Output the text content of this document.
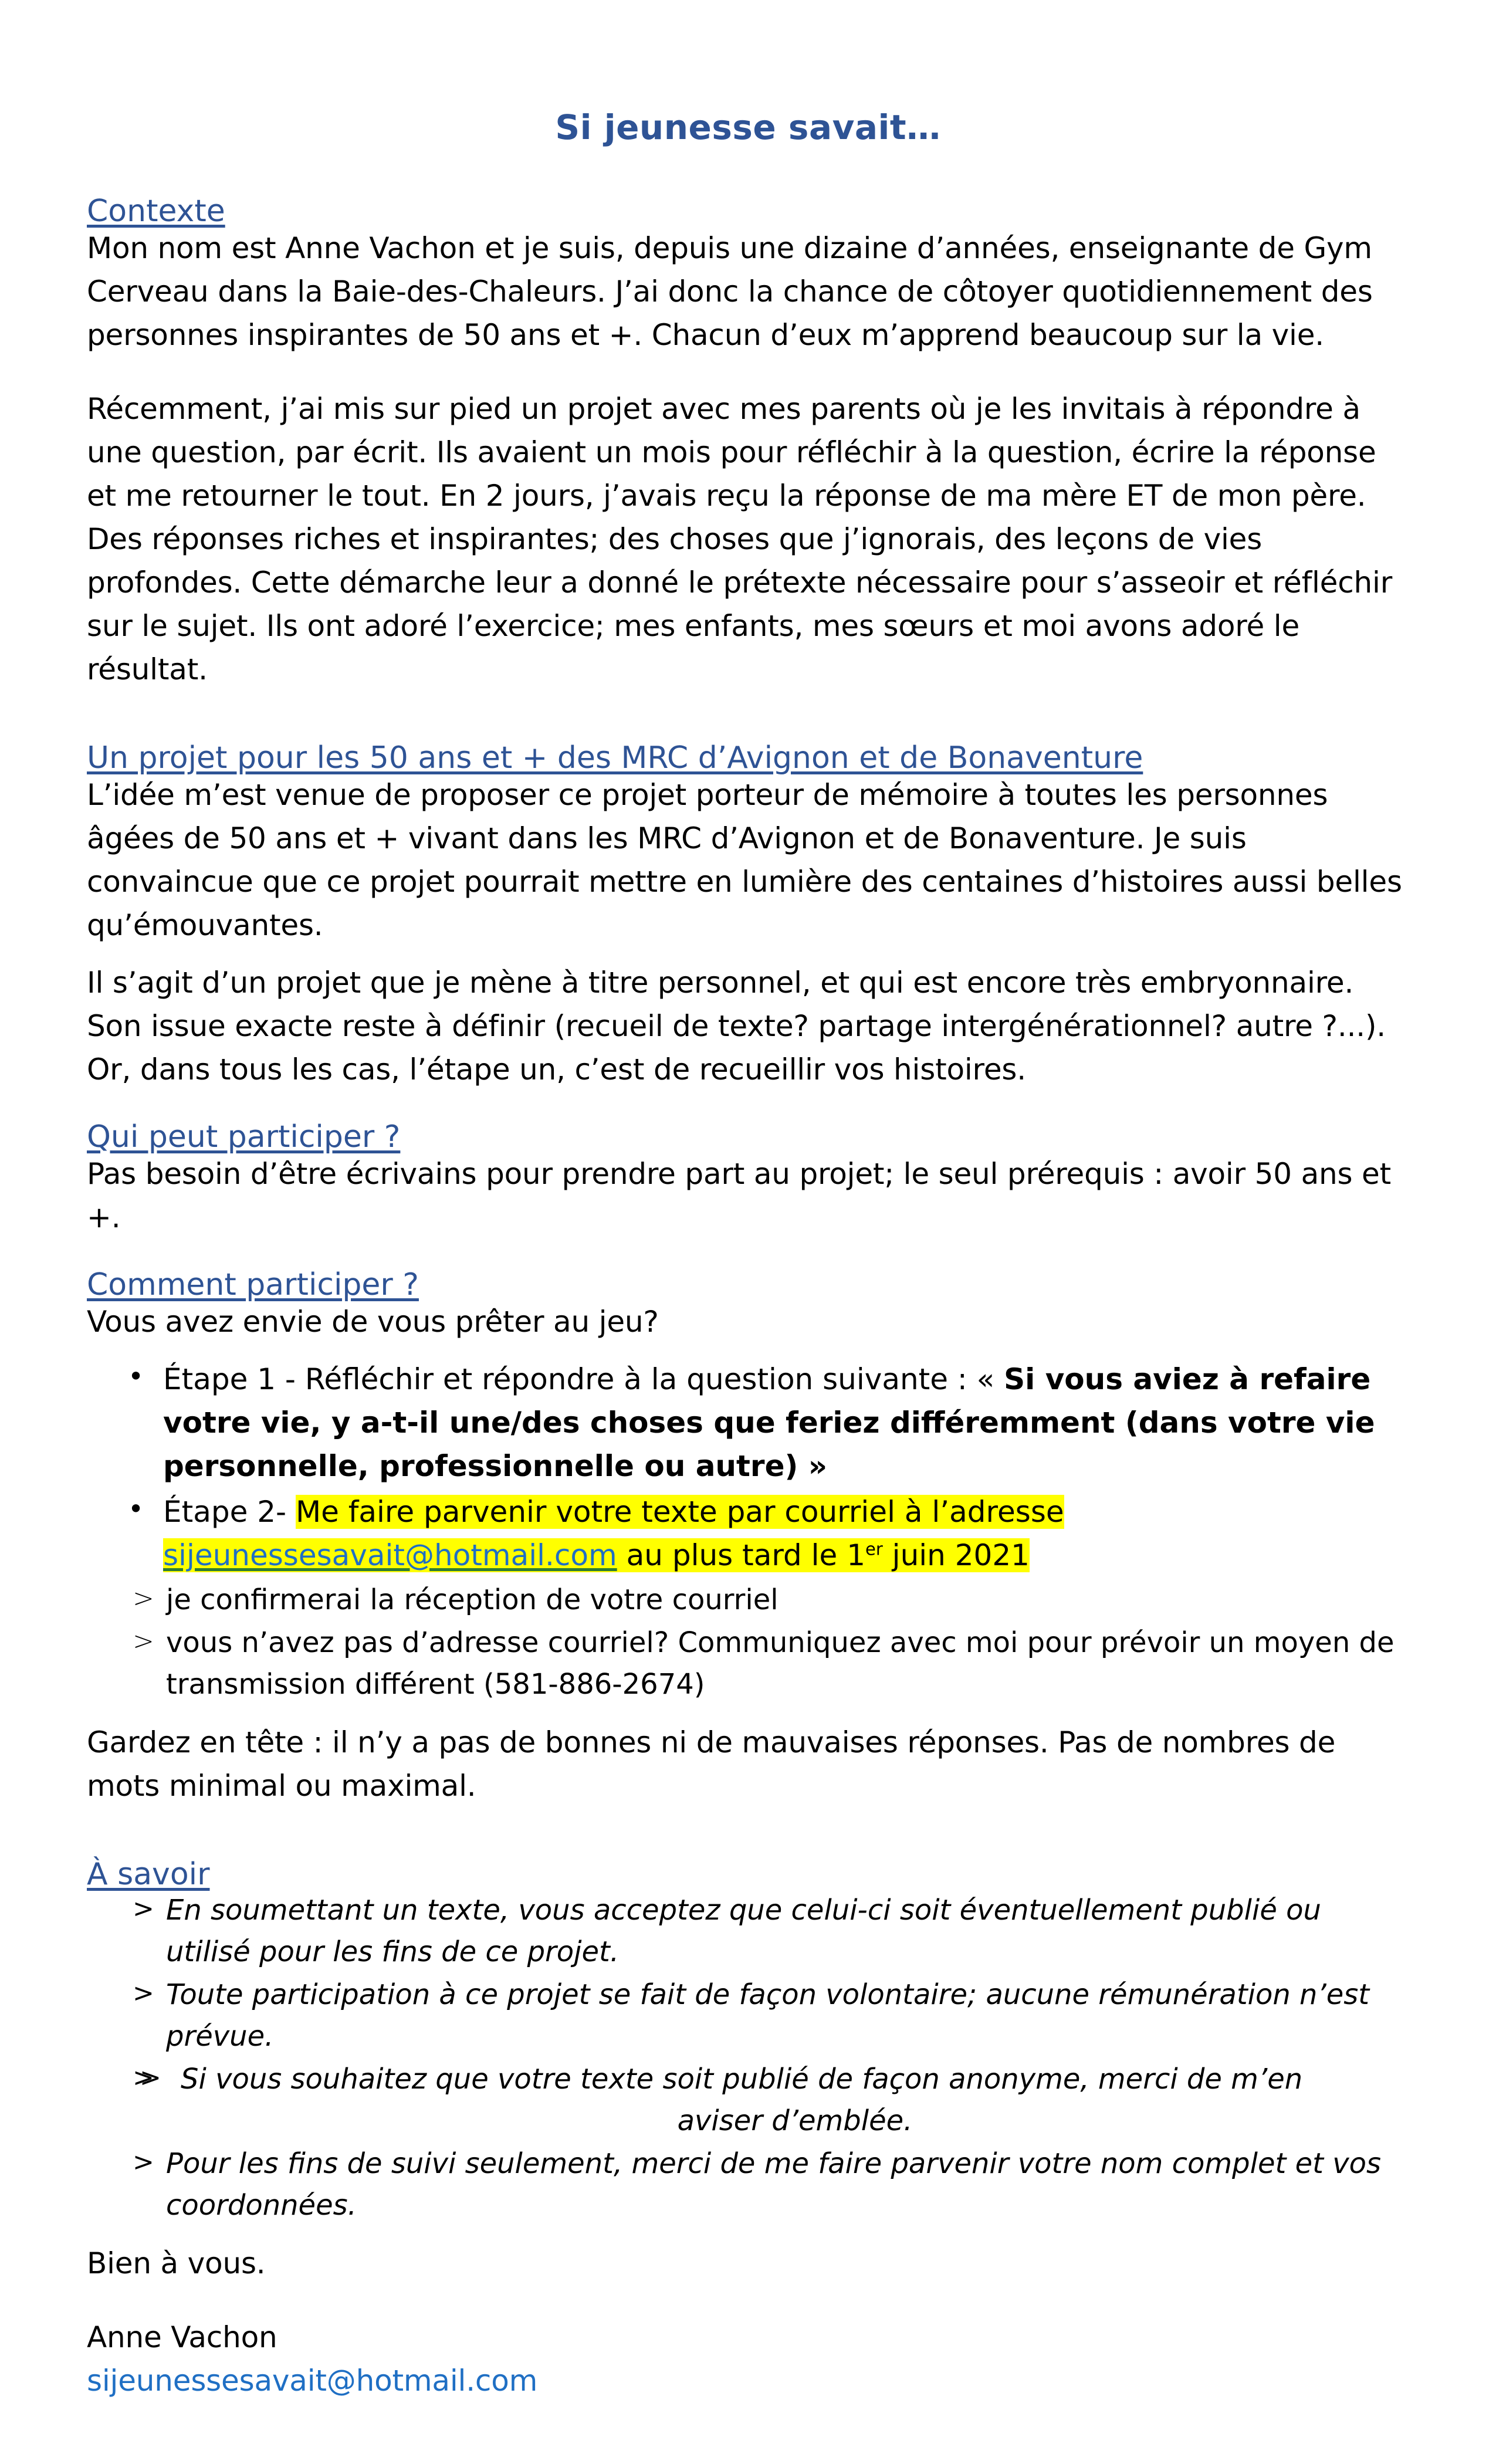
Si jeunesse savait…
Contexte
Mon nom est Anne Vachon et je suis, depuis une dizaine d’années, enseignante de Gym Cerveau dans la Baie-des-Chaleurs. J’ai donc la chance de côtoyer quotidiennement des personnes inspirantes de 50 ans et +. Chacun d’eux m’apprend beaucoup sur la vie.
Récemment, j’ai mis sur pied un projet avec mes parents où je les invitais à répondre à une question, par écrit. Ils avaient un mois pour réfléchir à la question, écrire la réponse et me retourner le tout. En 2 jours, j’avais reçu la réponse de ma mère ET de mon père. Des réponses riches et inspirantes; des choses que j’ignorais, des leçons de vies profondes. Cette démarche leur a donné le prétexte nécessaire pour s’asseoir et réfléchir sur le sujet. Ils ont adoré l’exercice; mes enfants, mes sœurs et moi avons adoré le résultat.
Un projet pour les 50 ans et + des MRC d’Avignon et de Bonaventure
L’idée m’est venue de proposer ce projet porteur de mémoire à toutes les personnes âgées de 50 ans et + vivant dans les MRC d’Avignon et de Bonaventure. Je suis convaincue que ce projet pourrait mettre en lumière des centaines d’histoires aussi belles qu’émouvantes.
Il s’agit d’un projet que je mène à titre personnel, et qui est encore très embryonnaire. Son issue exacte reste à définir (recueil de texte? partage intergénérationnel? autre ?...). Or, dans tous les cas, l’étape un, c’est de recueillir vos histoires.
Qui peut participer ?
Pas besoin d’être écrivains pour prendre part au projet; le seul prérequis : avoir 50 ans et +.
Comment participer ?
Vous avez envie de vous prêter au jeu?
• Étape 1 - Réfléchir et répondre à la question suivante : « Si vous aviez à refaire votre vie, y a-t-il une/des choses que feriez différemment (dans votre vie personnelle, professionnelle ou autre) »
• Étape 2- Me faire parvenir votre texte par courriel à l’adresse sijeunessesavait@hotmail.com au plus tard le 1er juin 2021
> je confirmerai la réception de votre courriel
> vous n’avez pas d’adresse courriel? Communiquez avec moi pour prévoir un moyen de transmission différent (581-886-2674)
Gardez en tête : il n’y a pas de bonnes ni de mauvaises réponses. Pas de nombres de mots minimal ou maximal.
À savoir
> En soumettant un texte, vous acceptez que celui-ci soit éventuellement publié ou utilisé pour les fins de ce projet.
> Toute participation à ce projet se fait de façon volontaire; aucune rémunération n’est prévue.
> > Si vous souhaitez que votre texte soit publié de façon anonyme, merci de m’en
aviser d’emblée.
> Pour les fins de suivi seulement, merci de me faire parvenir votre nom complet et vos coordonnées.
Bien à vous.
Anne Vachon
sijeunessesavait@hotmail.com
